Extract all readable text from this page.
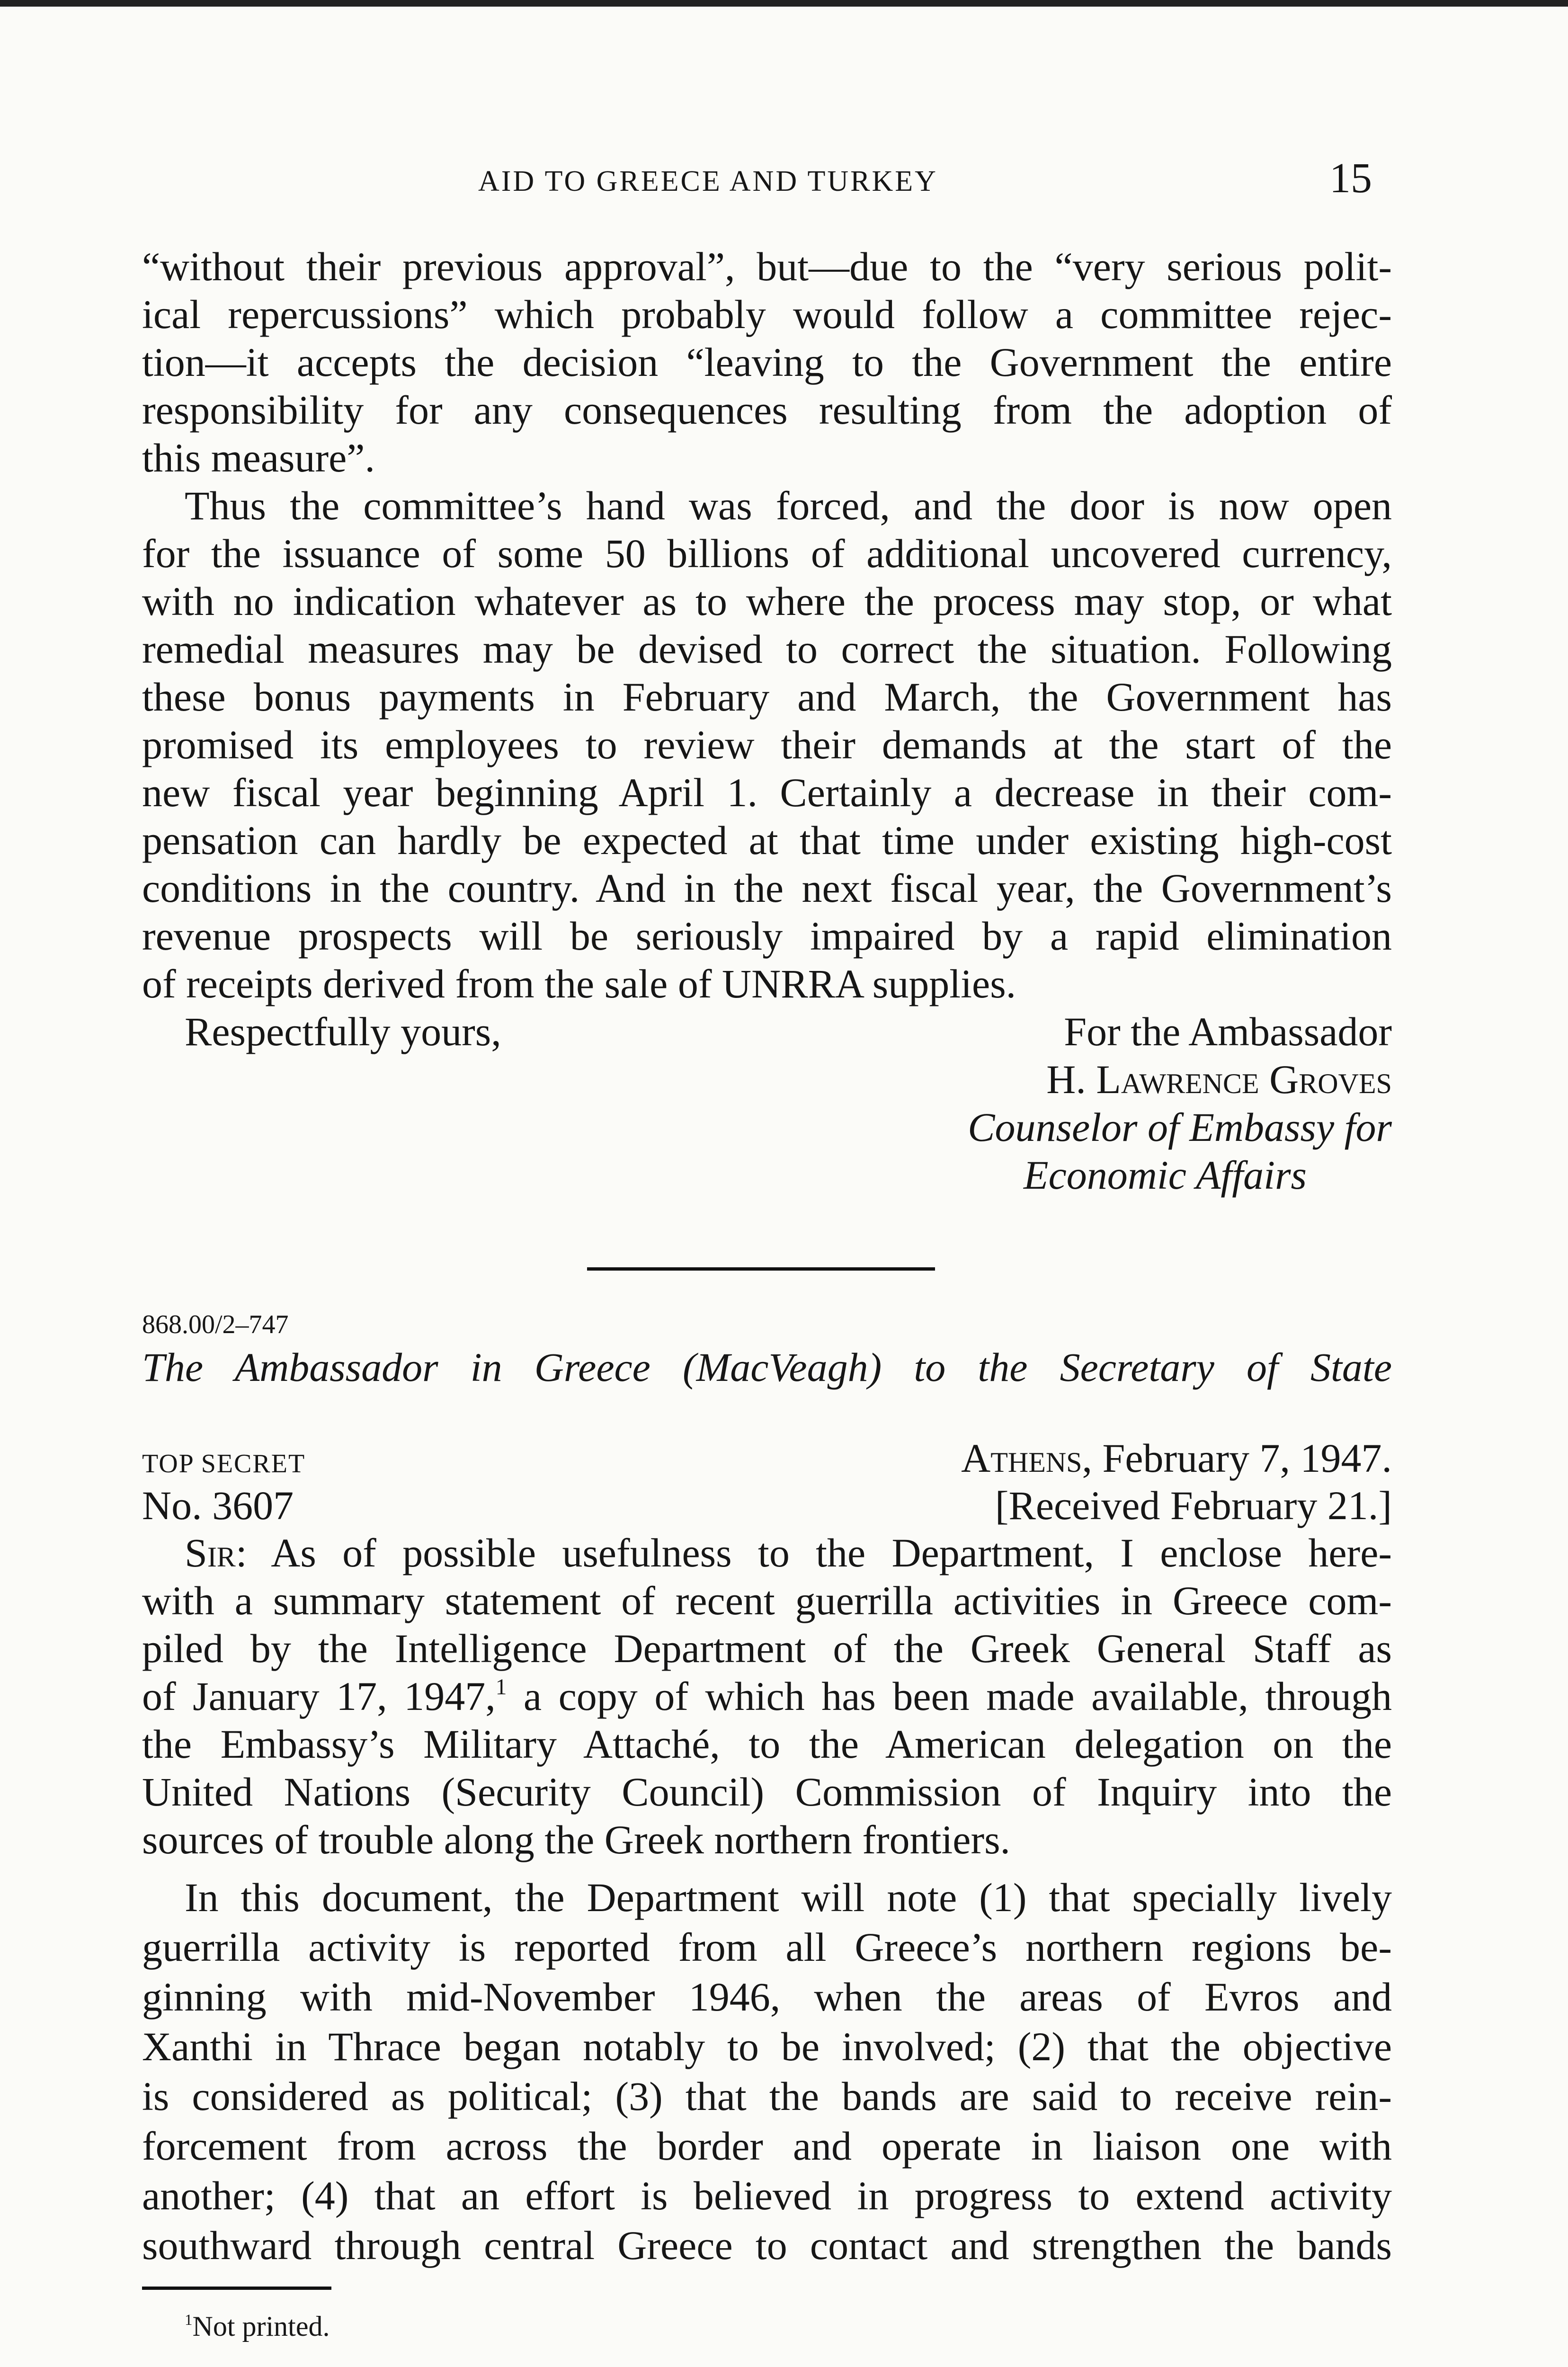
AID TO GREECE AND TURKEY	15
“without their previous approval”, but—due to the “very serious polit-
ical repercussions” which probably would follow a committee rejec-
tion—it accepts the decision “leaving to the Government the entire
responsibility for any consequences resulting from the adoption of
this measure”.
Thus the committee’s hand was forced, and the door is now open
for the issuance of some 50 billions of additional uncovered currency,
with no indication whatever as to where the process may stop, or what
remedial measures may be devised to correct the situation. Following
these bonus payments in February and March, the Government has
promised its employees to review their demands at the start of the
new fiscal year beginning April 1. Certainly a decrease in their com-
pensation can hardly be expected at that time under existing high-cost
conditions in the country. And in the next fiscal year, the Government’s
revenue prospects will be seriously impaired by a rapid elimination
of receipts derived from the sale of UNRRA supplies.
Respectfully yours,	For the Ambassador
H. Lawrence Groves
Counselor of Embassy for
Economic Affairs
868.00/2–747
The Ambassador in Greece (MacVeagh) to the Secretary of State
TOP SECRET	Athens, February 7, 1947.
No. 3607	[Received February 21.]
Sir: As of possible usefulness to the Department, I enclose here-
with a summary statement of recent guerrilla activities in Greece com-
piled by the Intelligence Department of the Greek General Staff as
of January 17, 1947,$^1$ a copy of which has been made available, through
the Embassy’s Military Attaché, to the American delegation on the
United Nations (Security Council) Commission of Inquiry into the
sources of trouble along the Greek northern frontiers.
In this document, the Department will note (1) that specially lively
guerrilla activity is reported from all Greece’s northern regions be-
ginning with mid-November 1946, when the areas of Evros and
Xanthi in Thrace began notably to be involved; (2) that the objective
is considered as political; (3) that the bands are said to receive rein-
forcement from across the border and operate in liaison one with
another; (4) that an effort is believed in progress to extend activity
southward through central Greece to contact and strengthen the bands
$^1$Not printed.
